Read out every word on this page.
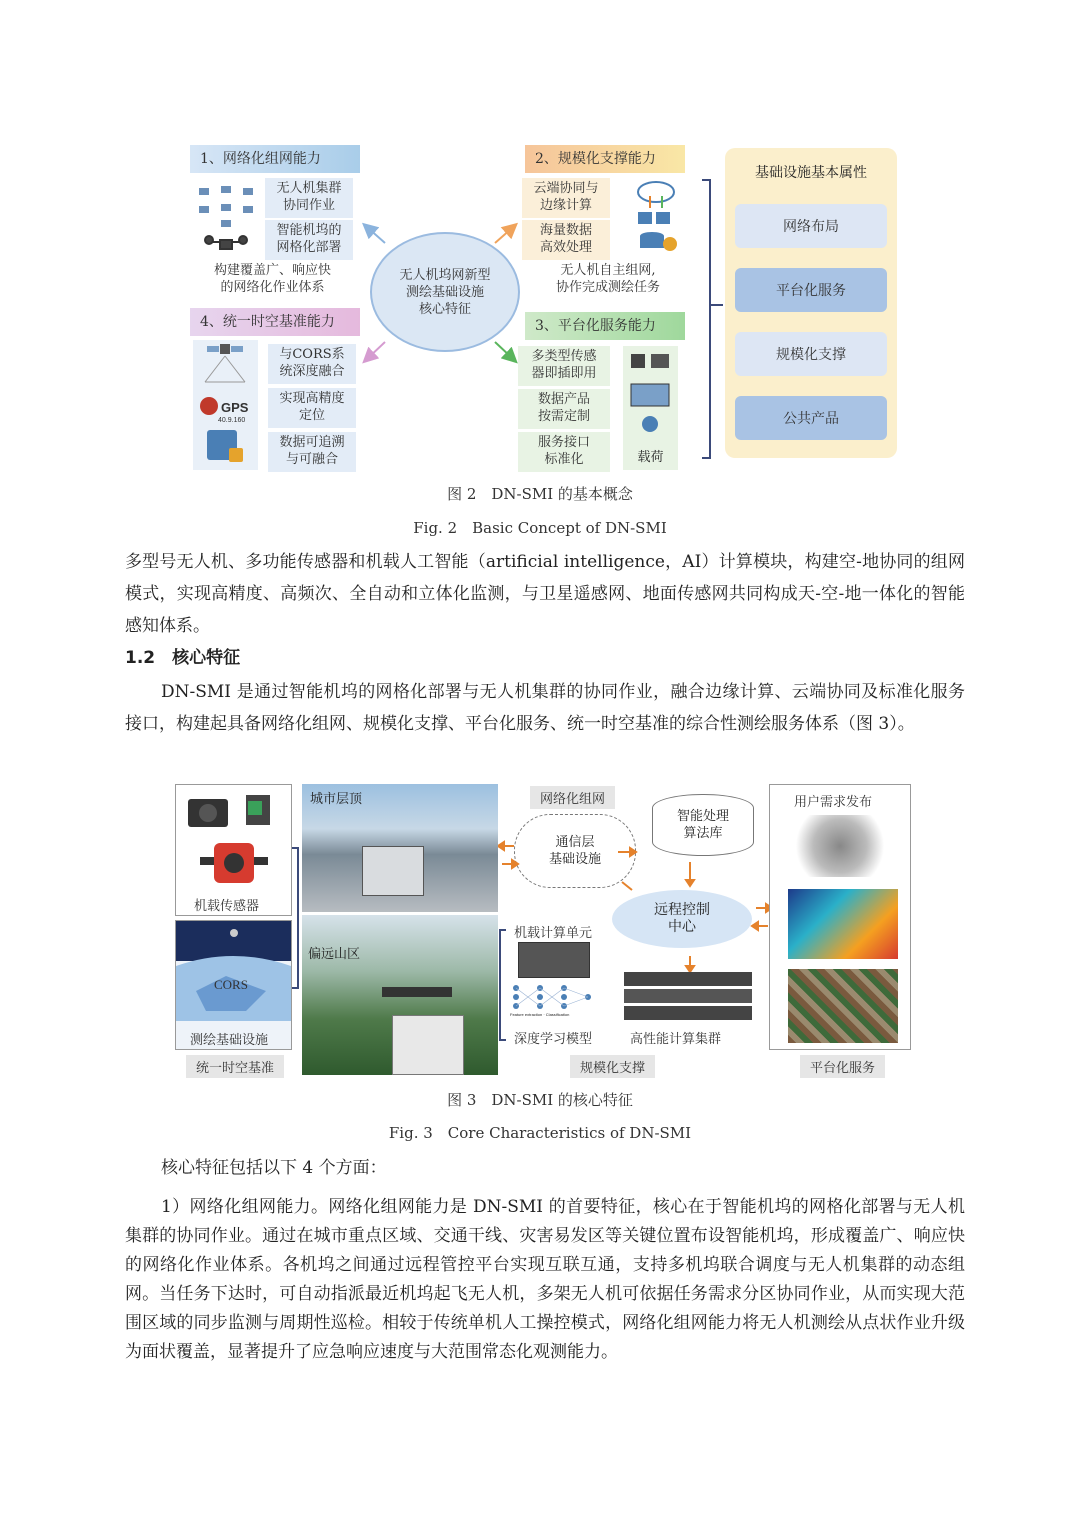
1、网络化组网能力
无人机集群
协同作业
智能机坞的
网格化部署
构建覆盖广、响应快
的网络化作业体系
4、统一时空基准能力
GPS
40.9.160
与CORS系
统深度融合
实现高精度
定位
数据可追溯
与可融合
无人机坞网新型
测绘基础设施
核心特征
2、规模化支撑能力
云端协同与
边缘计算
海量数据
高效处理
无人机自主组网,
协作完成测绘任务
3、平台化服务能力
多类型传感
器即插即用
数据产品
按需定制
服务接口
标准化	载荷
基础设施基本属性
网络布局
平台化服务
规模化支撑
公共产品
图 2　DN-SMI 的基本概念
Fig. 2　Basic Concept of DN-SMI
多型号无人机、多功能传感器和机载人工智能（artificial intelligence，AI）计算模块，构建空-地协同的组网模式，实现高精度、高频次、全自动和立体化监测，与卫星遥感网、地面传感网共同构成天-空-地一体化的智能感知体系。
1.2　核心特征
DN-SMI 是通过智能机坞的网格化部署与无人机集群的协同作业，融合边缘计算、云端协同及标准化服务接口，构建起具备网络化组网、规模化支撑、平台化服务、统一时空基准的综合性测绘服务体系（图 3）。
机载传感器
CORS
测绘基础设施
统一时空基准
城市层顶
偏远山区
网络化组网
通信层
基础设施
智能处理
算法库
远程控制
中心
机载计算单元
Feature extraction · Classification
深度学习模型	高性能计算集群
规模化支撑
用户需求发布
平台化服务
图 3　DN-SMI 的核心特征
Fig. 3　Core Characteristics of DN-SMI
核心特征包括以下 4 个方面：
1）网络化组网能力。网络化组网能力是 DN-SMI 的首要特征，核心在于智能机坞的网格化部署与无人机集群的协同作业。通过在城市重点区域、交通干线、灾害易发区等关键位置布设智能机坞，形成覆盖广、响应快的网络化作业体系。各机坞之间通过远程管控平台实现互联互通，支持多机坞联合调度与无人机集群的动态组网。当任务下达时，可自动指派最近机坞起飞无人机，多架无人机可依据任务需求分区协同作业，从而实现大范围区域的同步监测与周期性巡检。相较于传统单机人工操控模式，网络化组网能力将无人机测绘从点状作业升级为面状覆盖，显著提升了应急响应速度与大范围常态化观测能力。
